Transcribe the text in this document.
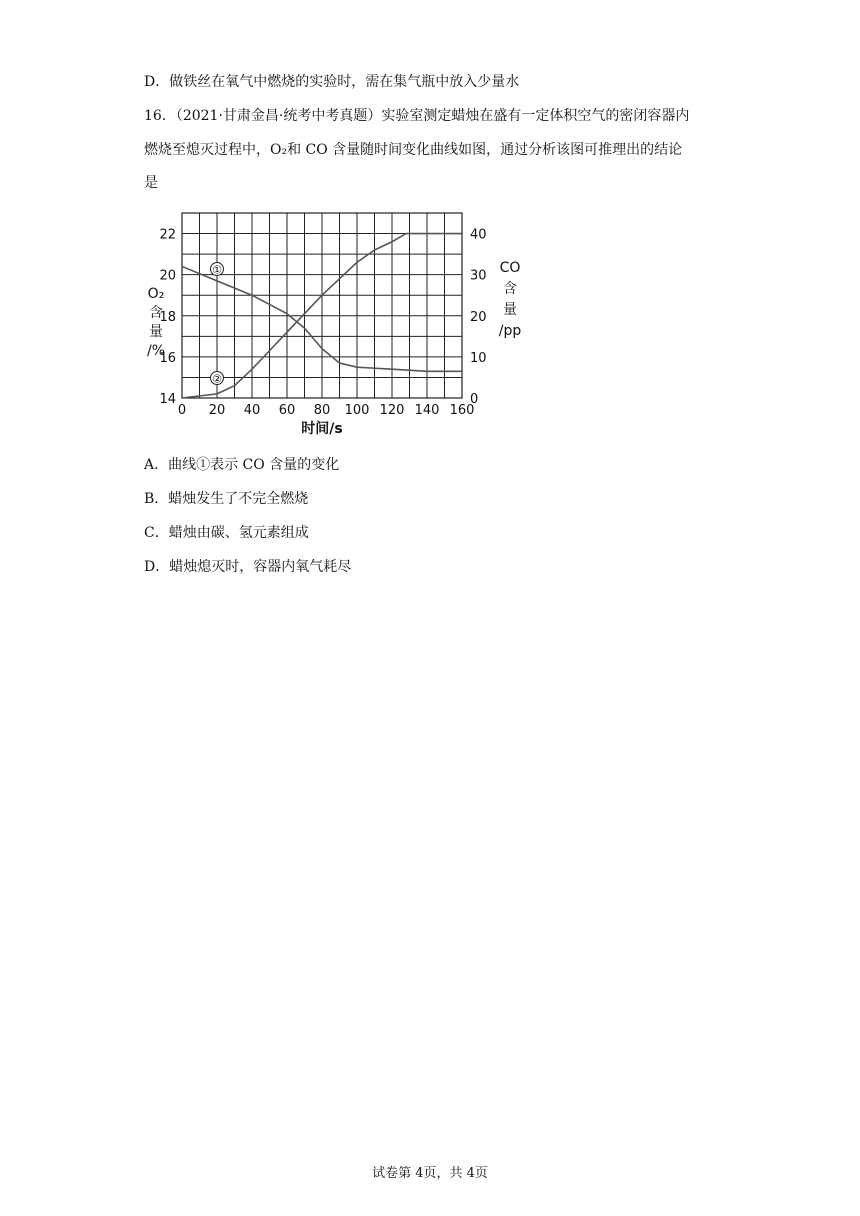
D．做铁丝在氧气中燃烧的实验时，需在集气瓶中放入少量水
16．（2021·甘肃金昌·统考中考真题）实验室测定蜡烛在盛有一定体积空气的密闭容器内
燃烧至熄灭过程中，O₂和 CO 含量随时间变化曲线如图，通过分析该图可推理出的结论
是
0 20 40 60 80 100 120 140 160
14
16
18
20
22
0
10
20
30
40
时间/s
O₂
含
量
/%
CO
含
量
/pp
①
②
A．曲线①表示 CO 含量的变化
B．蜡烛发生了不完全燃烧
C．蜡烛由碳、氢元素组成
D．蜡烛熄灭时，容器内氧气耗尽
试卷第 4页，共 4页
